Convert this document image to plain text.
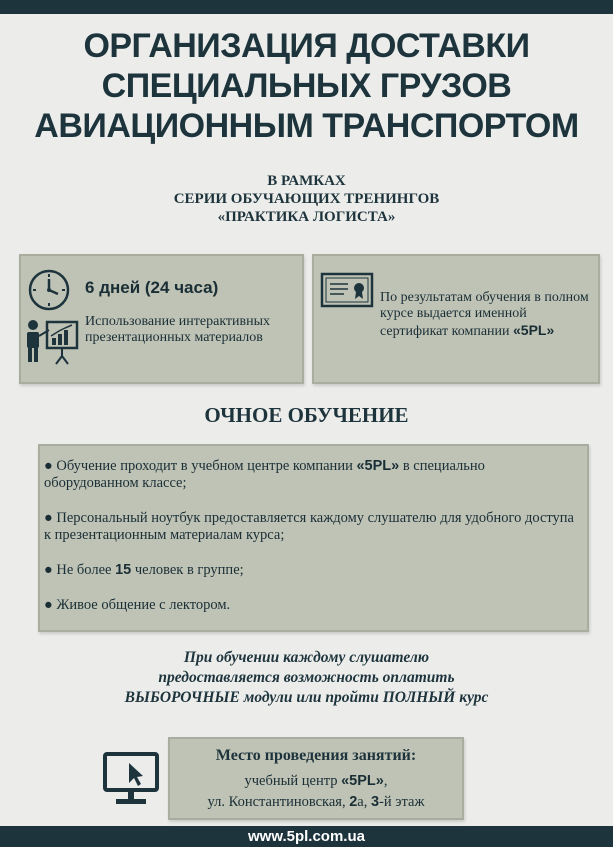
ОРГАНИЗАЦИЯ ДОСТАВКИ
СПЕЦИАЛЬНЫХ ГРУЗОВ
АВИАЦИОННЫМ ТРАНСПОРТОМ
В РАМКАХ
СЕРИИ ОБУЧАЮЩИХ ТРЕНИНГОВ
«ПРАКТИКА ЛОГИСТА»
6 дней (24 часа)
Использование интерактивных презентационных материалов
По результатам обучения в полном курсе выдается именной сертификат компании «5PL»
ОЧНОЕ ОБУЧЕНИЕ
● Обучение проходит в учебном центре компании «5PL» в специально оборудованном классе;
● Персональный ноутбук предоставляется каждому слушателю для удобного доступа к презентационным материалам курса;
● Не более 15 человек в группе;
● Живое общение с лектором.
При обучении каждому слушателю
предоставляется возможность оплатить
ВЫБОРОЧНЫЕ модули или пройти ПОЛНЫЙ курс
Место проведения занятий:
учебный центр «5PL»,
ул. Константиновская, 2а, 3-й этаж
www.5pl.com.ua
